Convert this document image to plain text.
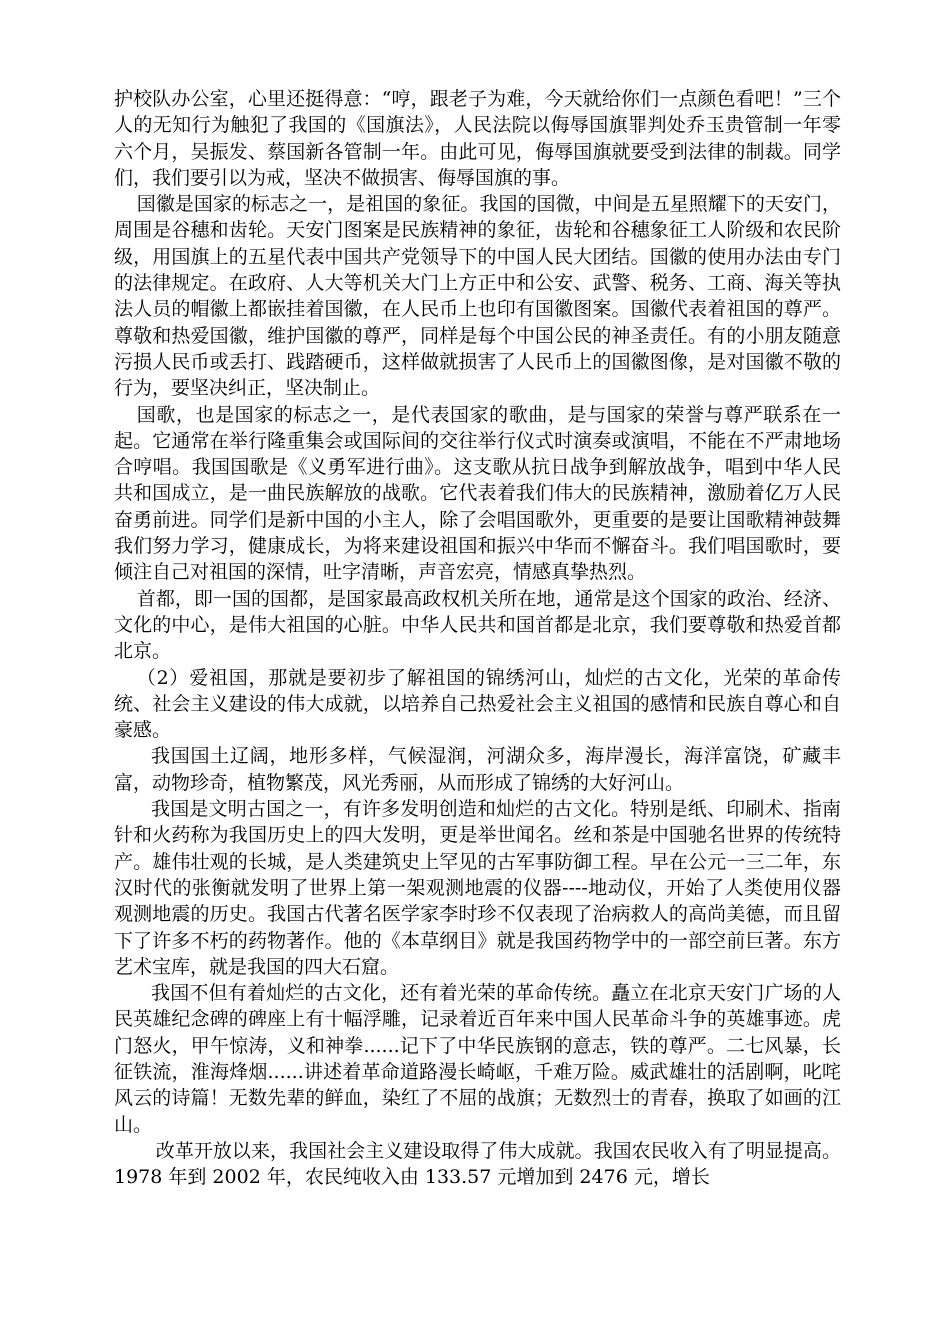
护校队办公室，心里还挺得意：“哼，跟老子为难，今天就给你们一点颜色看吧！”三个人的无知行为触犯了我国的《国旗法》，人民法院以侮辱国旗罪判处乔玉贵管制一年零六个月，吴振发、蔡国新各管制一年。由此可见，侮辱国旗就要受到法律的制裁。同学们，我们要引以为戒，坚决不做损害、侮辱国旗的事。

国徽是国家的标志之一，是祖国的象征。我国的国微，中间是五星照耀下的天安门，周围是谷穗和齿轮。天安门图案是民族精神的象征，齿轮和谷穗象征工人阶级和农民阶级，用国旗上的五星代表中国共产党领导下的中国人民大团结。国徽的使用办法由专门的法律规定。在政府、人大等机关大门上方正中和公安、武警、税务、工商、海关等执法人员的帽徽上都嵌挂着国徽，在人民币上也印有国徽图案。国徽代表着祖国的尊严。尊敬和热爱国徽，维护国徽的尊严，同样是每个中国公民的神圣责任。有的小朋友随意污损人民币或丢打、践踏硬币，这样做就损害了人民币上的国徽图像，是对国徽不敬的行为，要坚决纠正，坚决制止。

国歌，也是国家的标志之一，是代表国家的歌曲，是与国家的荣誉与尊严联系在一起。它通常在举行隆重集会或国际间的交往举行仪式时演奏或演唱，不能在不严肃地场合哼唱。我国国歌是《义勇军进行曲》。这支歌从抗日战争到解放战争，唱到中华人民共和国成立，是一曲民族解放的战歌。它代表着我们伟大的民族精神，激励着亿万人民奋勇前进。同学们是新中国的小主人，除了会唱国歌外，更重要的是要让国歌精神鼓舞我们努力学习，健康成长，为将来建设祖国和振兴中华而不懈奋斗。我们唱国歌时，要倾注自己对祖国的深情，吐字清晰，声音宏亮，情感真挚热烈。

首都，即一国的国都，是国家最高政权机关所在地，通常是这个国家的政治、经济、文化的中心，是伟大祖国的心脏。中华人民共和国首都是北京，我们要尊敬和热爱首都北京。

（2）爱祖国，那就是要初步了解祖国的锦绣河山，灿烂的古文化，光荣的革命传统、社会主义建设的伟大成就，以培养自己热爱社会主义祖国的感情和民族自尊心和自豪感。

我国国土辽阔，地形多样，气候湿润，河湖众多，海岸漫长，海洋富饶，矿藏丰富，动物珍奇，植物繁茂，风光秀丽，从而形成了锦绣的大好河山。

我国是文明古国之一，有许多发明创造和灿烂的古文化。特别是纸、印刷术、指南针和火药称为我国历史上的四大发明，更是举世闻名。丝和茶是中国驰名世界的传统特产。雄伟壮观的长城，是人类建筑史上罕见的古军事防御工程。早在公元一三二年，东汉时代的张衡就发明了世界上第一架观测地震的仪器----地动仪，开始了人类使用仪器观测地震的历史。我国古代著名医学家李时珍不仅表现了治病救人的高尚美德，而且留下了许多不朽的药物著作。他的《本草纲目》就是我国药物学中的一部空前巨著。东方艺术宝库，就是我国的四大石窟。

我国不但有着灿烂的古文化，还有着光荣的革命传统。矗立在北京天安门广场的人民英雄纪念碑的碑座上有十幅浮雕，记录着近百年来中国人民革命斗争的英雄事迹。虎门怒火，甲午惊涛，义和神拳......记下了中华民族钢的意志，铁的尊严。二七风暴，长征铁流，淮海烽烟......讲述着革命道路漫长崎岖，千难万险。威武雄壮的活剧啊，叱咤风云的诗篇！无数先辈的鲜血，染红了不屈的战旗；无数烈士的青春，换取了如画的江山。

改革开放以来，我国社会主义建设取得了伟大成就。我国农民收入有了明显提高。1978 年到 2002 年，农民纯收入由 133.57 元增加到 2476 元，增长
